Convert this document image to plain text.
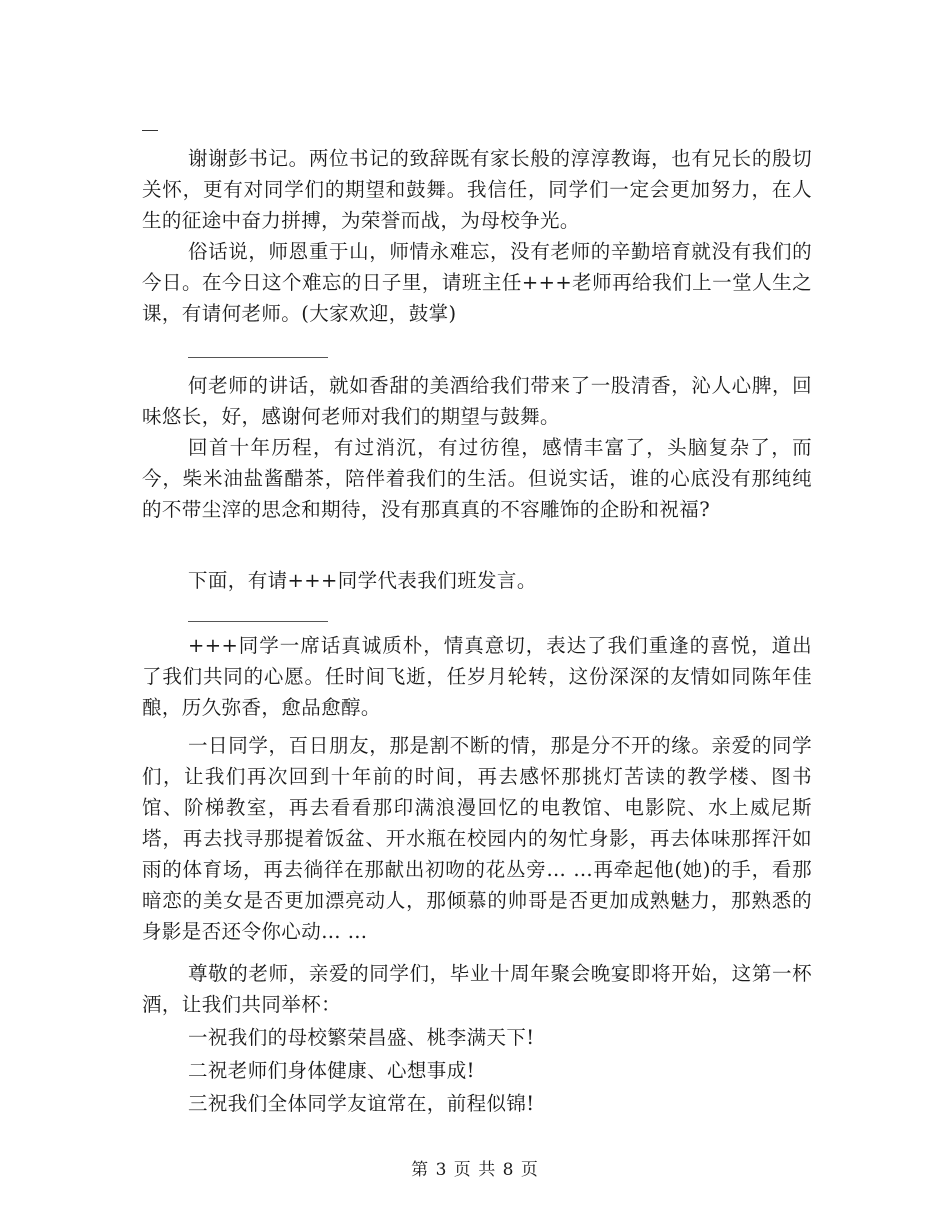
谢谢彭书记。两位书记的致辞既有家长般的淳淳教诲，也有兄长的殷切关怀，更有对同学们的期望和鼓舞。我信任，同学们一定会更加努力，在人生的征途中奋力拼搏，为荣誉而战，为母校争光。

俗话说，师恩重于山，师情永难忘，没有老师的辛勤培育就没有我们的今日。在今日这个难忘的日子里，请班主任+++老师再给我们上一堂人生之课，有请何老师。(大家欢迎，鼓掌)

何老师的讲话，就如香甜的美酒给我们带来了一股清香，沁人心脾，回味悠长，好，感谢何老师对我们的期望与鼓舞。

回首十年历程，有过消沉，有过彷徨，感情丰富了，头脑复杂了，而今，柴米油盐酱醋茶，陪伴着我们的生活。但说实话，谁的心底没有那纯纯的不带尘滓的思念和期待，没有那真真的不容雕饰的企盼和祝福?

下面，有请+++同学代表我们班发言。

+++同学一席话真诚质朴，情真意切，表达了我们重逢的喜悦，道出了我们共同的心愿。任时间飞逝，任岁月轮转，这份深深的友情如同陈年佳酿，历久弥香，愈品愈醇。

一日同学，百日朋友，那是割不断的情，那是分不开的缘。亲爱的同学们，让我们再次回到十年前的时间，再去感怀那挑灯苦读的教学楼、图书馆、阶梯教室，再去看看那印满浪漫回忆的电教馆、电影院、水上威尼斯塔，再去找寻那提着饭盆、开水瓶在校园内的匆忙身影，再去体味那挥汗如雨的体育场，再去徜徉在那献出初吻的花丛旁… …再牵起他(她)的手，看那暗恋的美女是否更加漂亮动人，那倾慕的帅哥是否更加成熟魅力，那熟悉的身影是否还令你心动… …

尊敬的老师，亲爱的同学们，毕业十周年聚会晚宴即将开始，这第一杯酒，让我们共同举杯：

一祝我们的母校繁荣昌盛、桃李满天下!

二祝老师们身体健康、心想事成!

三祝我们全体同学友谊常在，前程似锦!

第 3 页 共 8 页
